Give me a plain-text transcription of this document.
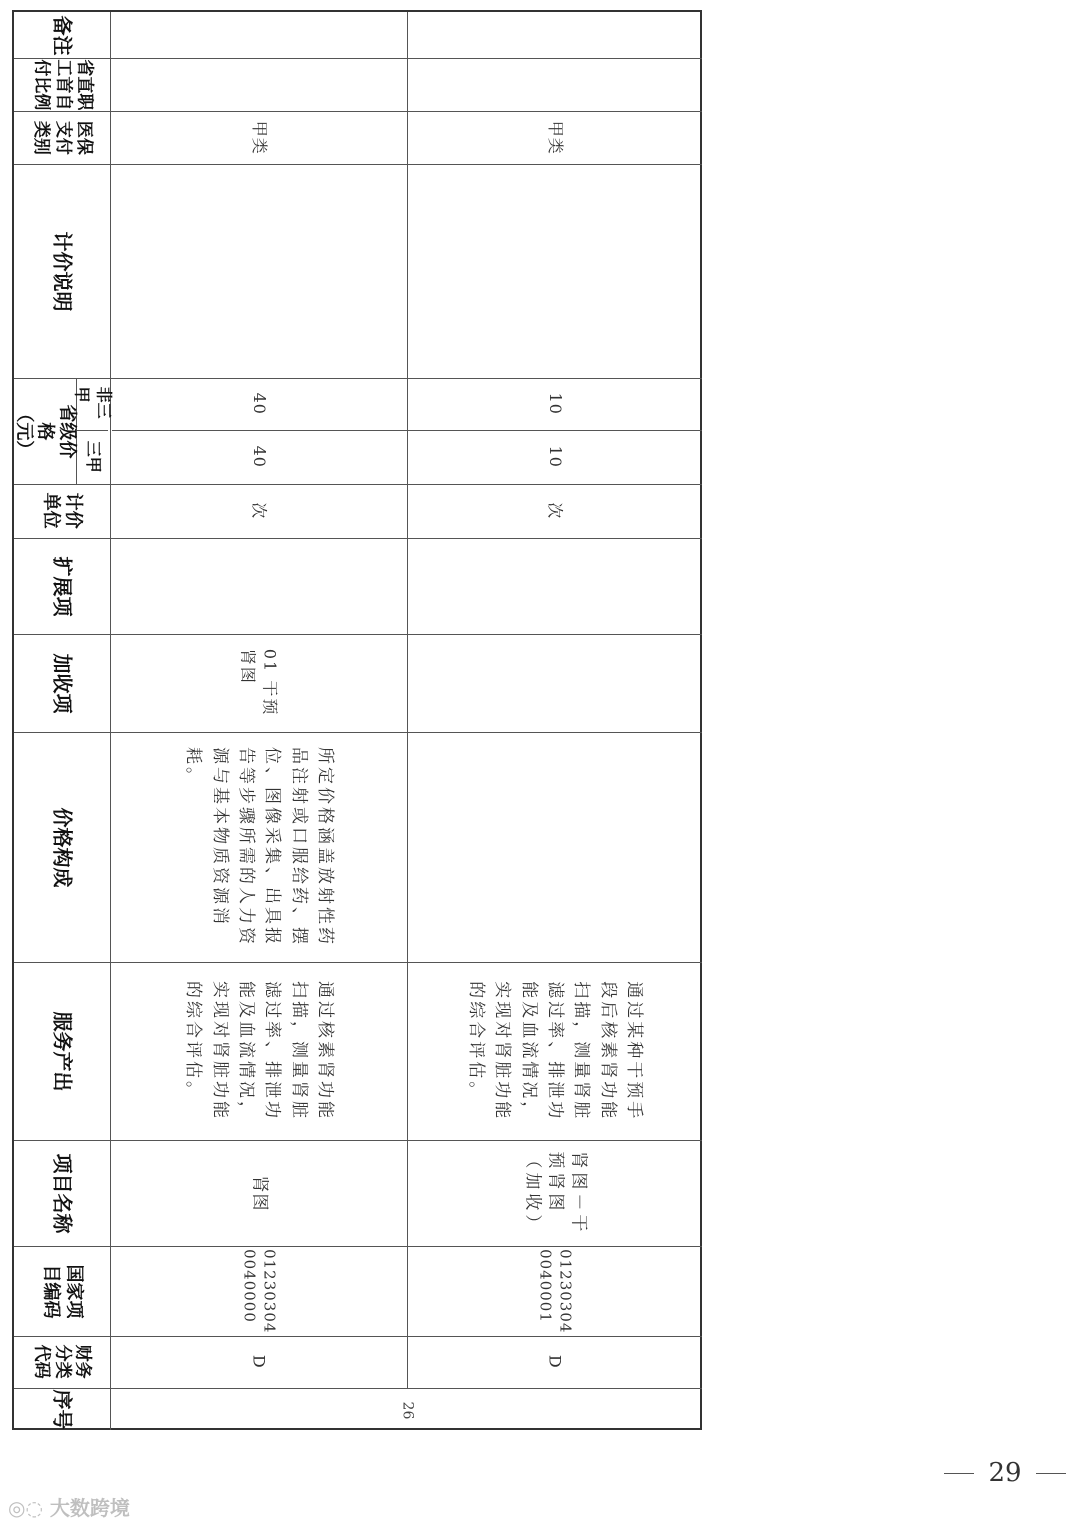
备注
省直职
工首自
付比例
医保
支付
类别
计价说明
省级价格
（元）
非三甲
三甲
计价
单位
扩展项
加收项
价格构成
服务产出
项目名称
国家项
目编码
财务
分类
代码
序号
甲类
40
40
次
01 干预
肾图
所定价格涵盖放射性药
品注射或口服给药、摆
位、图像采集、出具报
告等步骤所需的人力资
源与基本物质资源消
耗。
通过核素肾功能
扫描，测量肾脏
滤过率、排泄功
能及血流情况，
实现对肾脏功能
的综合评估。
肾图
01230304
0040000
D
甲类
10
10
次
通过某种干预手
段后核素肾功能
扫描，测量肾脏
滤过率、排泄功
能及血流情况，
实现对肾脏功能
的综合评估。
肾图－干
预肾图
（加收）
01230304
0040001
D
26
29
◎◌ 大数跨境
